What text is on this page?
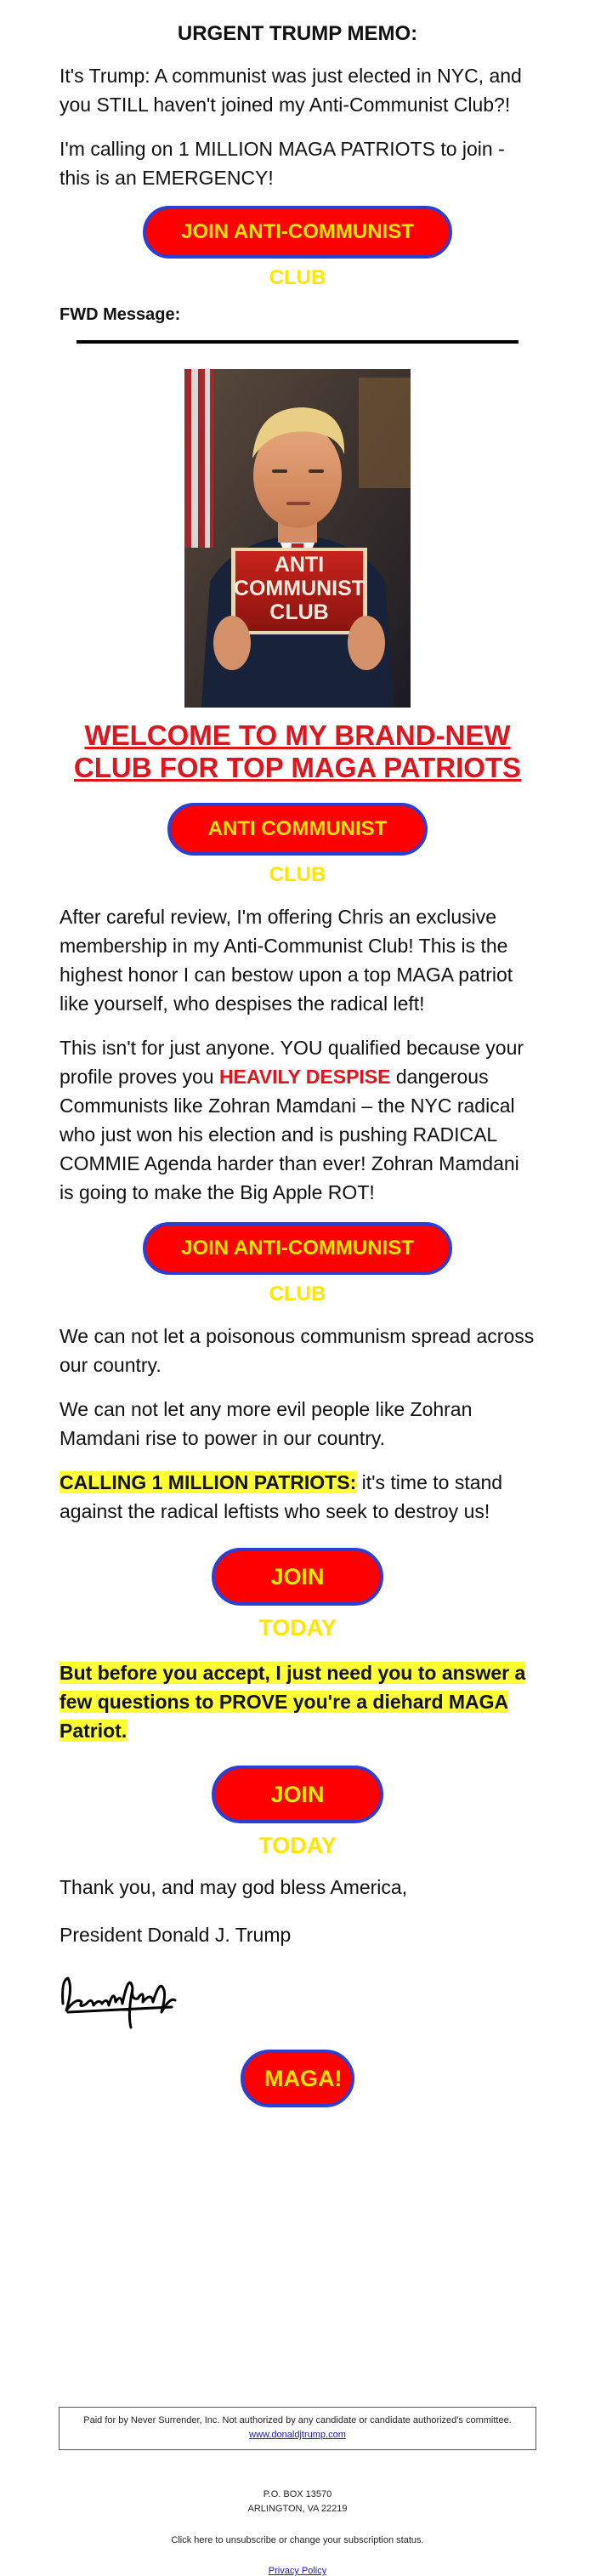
URGENT TRUMP MEMO:

It's Trump: A communist was just elected in NYC, and you STILL haven't joined my Anti-Communist Club?!

I'm calling on 1 MILLION MAGA PATRIOTS to join - this is an EMERGENCY!

JOIN ANTI-COMMUNIST CLUB

FWD Message:

ANTI
COMMUNIST
CLUB
WELCOME TO MY BRAND-NEW CLUB FOR TOP MAGA PATRIOTS
ANTI COMMUNIST CLUB

After careful review, I'm offering Chris an exclusive membership in my Anti-Communist Club! This is the highest honor I can bestow upon a top MAGA patriot like yourself, who despises the radical left!

This isn't for just anyone. YOU qualified because your profile proves you HEAVILY DESPISE dangerous Communists like Zohran Mamdani – the NYC radical who just won his election and is pushing RADICAL COMMIE Agenda harder than ever! Zohran Mamdani is going to make the Big Apple ROT!

JOIN ANTI-COMMUNIST CLUB

We can not let a poisonous communism spread across our country.

We can not let any more evil people like Zohran Mamdani rise to power in our country.

CALLING 1 MILLION PATRIOTS: it's time to stand against the radical leftists who seek to destroy us!

JOIN TODAY

But before you accept, I just need you to answer a few questions to PROVE you're a diehard MAGA Patriot.

JOIN TODAY

Thank you, and may god bless America,

President Donald J. Trump

MAGA!
Paid for by Never Surrender, Inc. Not authorized by any candidate or candidate authorized's committee.
www.donaldjtrump.com
P.O. BOX 13570
ARLINGTON, VA 22219
Click here to unsubscribe or change your subscription status.
Privacy Policy
